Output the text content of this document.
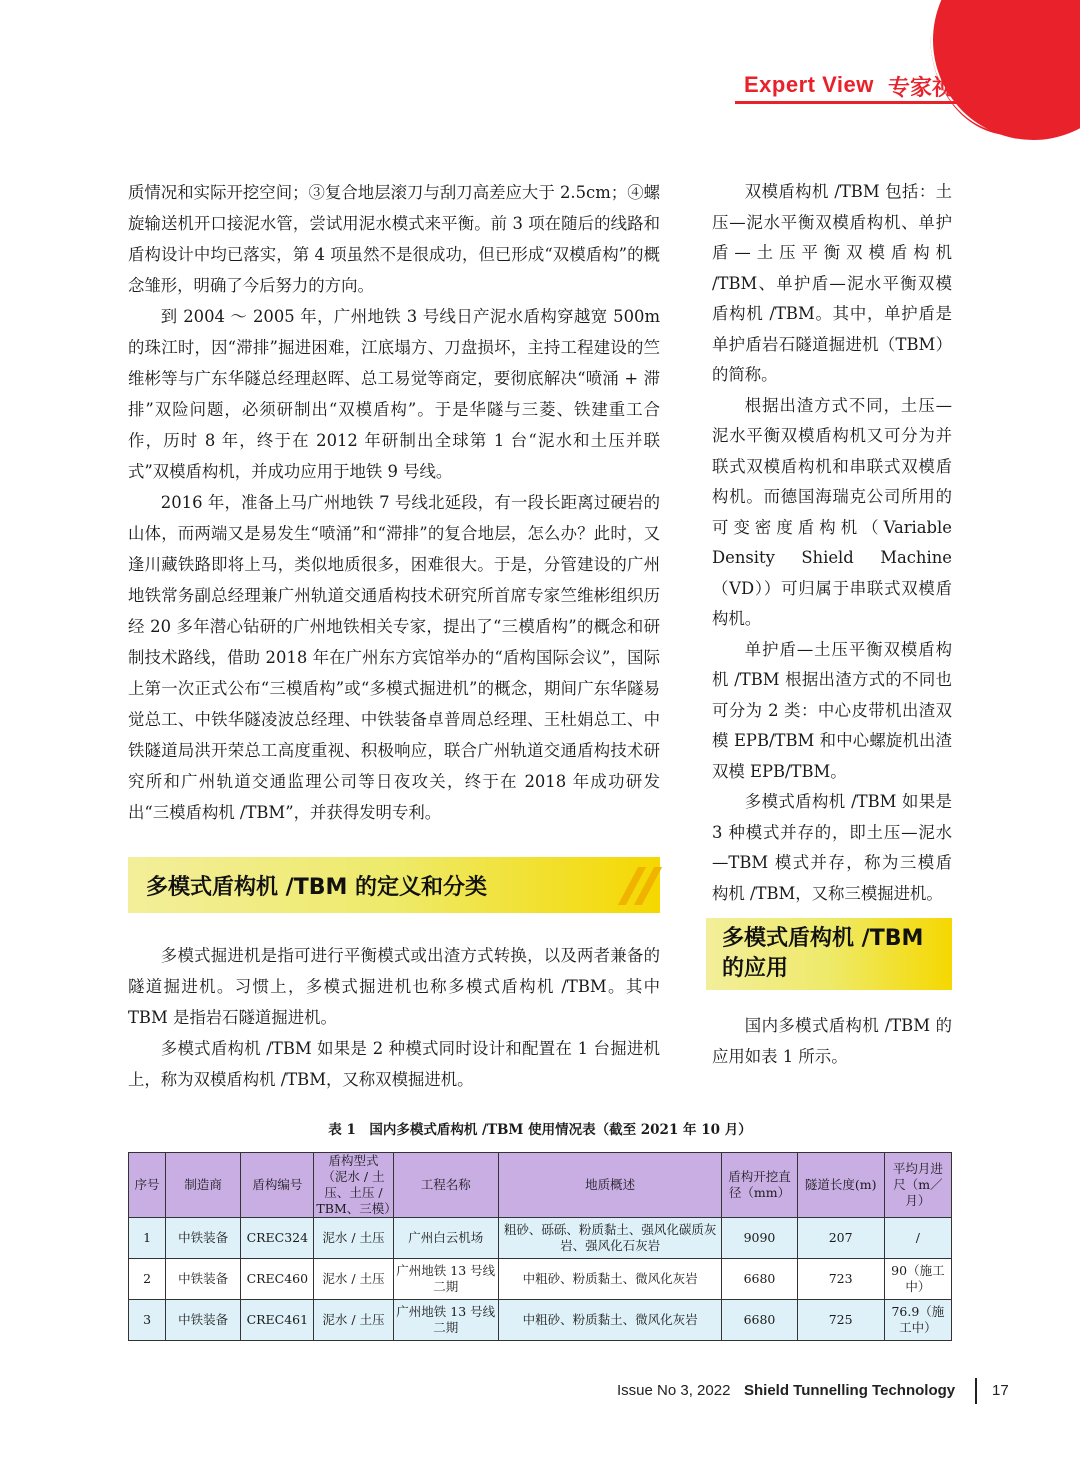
Expert View 专家视点

质情况和实际开挖空间；③复合地层滚刀与刮刀高差应大于 2.5cm；④螺旋输送机开口接泥水管，尝试用泥水模式来平衡。前 3 项在随后的线路和盾构设计中均已落实，第 4 项虽然不是很成功，但已形成“双模盾构”的概念雏形，明确了今后努力的方向。

到 2004 ～ 2005 年，广州地铁 3 号线日产泥水盾构穿越宽 500m 的珠江时，因“滞排”掘进困难，江底塌方、刀盘损坏，主持工程建设的竺维彬等与广东华隧总经理赵晖、总工易觉等商定，要彻底解决“喷涌 + 滞排”双险问题，必须研制出“双模盾构”。于是华隧与三菱、铁建重工合作，历时 8 年，终于在 2012 年研制出全球第 1 台“泥水和土压并联式”双模盾构机，并成功应用于地铁 9 号线。

2016 年，准备上马广州地铁 7 号线北延段，有一段长距离过硬岩的山体，而两端又是易发生“喷涌”和“滞排”的复合地层，怎么办？此时，又逢川藏铁路即将上马，类似地质很多，困难很大。于是，分管建设的广州地铁常务副总经理兼广州轨道交通盾构技术研究所首席专家竺维彬组织历经 20 多年潜心钻研的广州地铁相关专家，提出了“三模盾构”的概念和研制技术路线，借助 2018 年在广州东方宾馆举办的“盾构国际会议”，国际上第一次正式公布“三模盾构”或“多模式掘进机”的概念，期间广东华隧易觉总工、中铁华隧凌波总经理、中铁装备卓普周总经理、王杜娟总工、中铁隧道局洪开荣总工高度重视、积极响应，联合广州轨道交通盾构技术研究所和广州轨道交通监理公司等日夜攻关，终于在 2018 年成功研发出“三模盾构机 /TBM”，并获得发明专利。

双模盾构机 /TBM 包括：土压—泥水平衡双模盾构机、单护盾—土压平衡双模盾构机 /TBM、单护盾—泥水平衡双模盾构机 /TBM。其中，单护盾是单护盾岩石隧道掘进机（TBM）的简称。

根据出渣方式不同，土压—泥水平衡双模盾构机又可分为并联式双模盾构机和串联式双模盾构机。而德国海瑞克公司所用的可变密度盾构机（Variable Density Shield Machine（VD））可归属于串联式双模盾构机。

单护盾—土压平衡双模盾构机 /TBM 根据出渣方式的不同也可分为 2 类：中心皮带机出渣双模 EPB/TBM 和中心螺旋机出渣双模 EPB/TBM。

多模式盾构机 /TBM 如果是 3 种模式并存的，即土压—泥水—TBM 模式并存，称为三模盾构机 /TBM，又称三模掘进机。

多模式盾构机 /TBM 的定义和分类

多模式掘进机是指可进行平衡模式或出渣方式转换，以及两者兼备的隧道掘进机。习惯上，多模式掘进机也称多模式盾构机 /TBM。其中 TBM 是指岩石隧道掘进机。

多模式盾构机 /TBM 如果是 2 种模式同时设计和配置在 1 台掘进机上，称为双模盾构机 /TBM，又称双模掘进机。

多模式盾构机 /TBM
的应用

国内多模式盾构机 /TBM 的应用如表 1 所示。

表 1　国内多模式盾构机 /TBM 使用情况表（截至 2021 年 10 月）
序号	制造商	盾构编号	盾构型式（泥水 / 土压、土压 / TBM、三模）	工程名称	地质概述	盾构开挖直径（mm）	隧道长度(m)	平均月进尺（m／月）
1	中铁装备	CREC324	泥水 / 土压	广州白云机场	粗砂、砾砾、粉质黏土、强风化碳质灰岩、强风化石灰岩	9090	207	/
2	中铁装备	CREC460	泥水 / 土压	广州地铁 13 号线二期	中粗砂、粉质黏土、微风化灰岩	6680	723	90（施工中）
3	中铁装备	CREC461	泥水 / 土压	广州地铁 13 号线二期	中粗砂、粉质黏土、微风化灰岩	6680	725	76.9（施工中）
Issue No 3, 2022 Shield Tunnelling Technology 17
